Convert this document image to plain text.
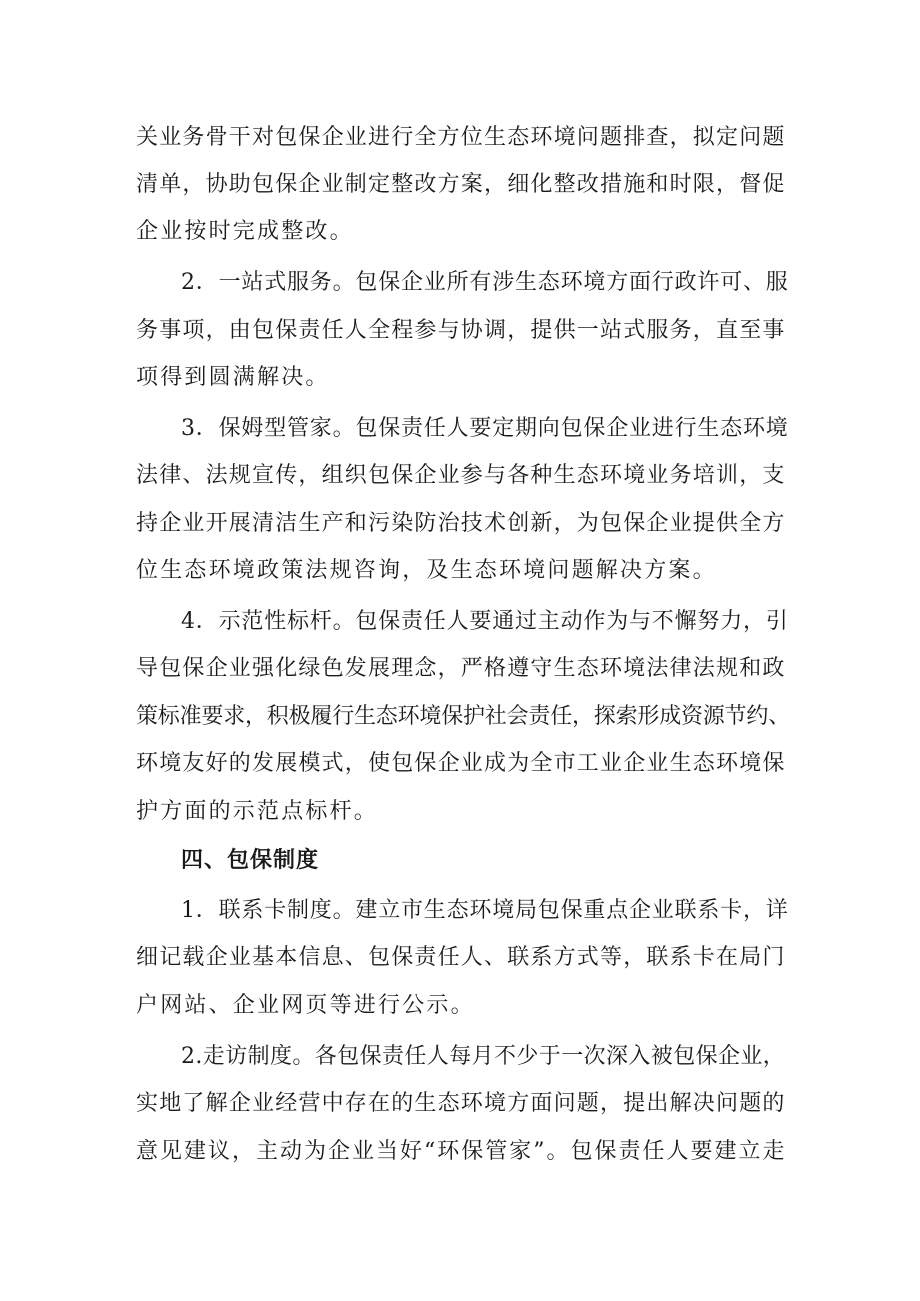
关业务骨干对包保企业进行全方位生态环境问题排查，拟定问题
清单，协助包保企业制定整改方案，细化整改措施和时限，督促
企业按时完成整改。
2．一站式服务。包保企业所有涉生态环境方面行政许可、服
务事项，由包保责任人全程参与协调，提供一站式服务，直至事
项得到圆满解决。
3．保姆型管家。包保责任人要定期向包保企业进行生态环境
法律、法规宣传，组织包保企业参与各种生态环境业务培训，支
持企业开展清洁生产和污染防治技术创新，为包保企业提供全方
位生态环境政策法规咨询，及生态环境问题解决方案。
4．示范性标杆。包保责任人要通过主动作为与不懈努力，引
导包保企业强化绿色发展理念，严格遵守生态环境法律法规和政
策标准要求，积极履行生态环境保护社会责任，探索形成资源节约、
环境友好的发展模式，使包保企业成为全市工业企业生态环境保
护方面的示范点标杆。
四、包保制度
1．联系卡制度。建立市生态环境局包保重点企业联系卡，详
细记载企业基本信息、包保责任人、联系方式等，联系卡在局门
户网站、企业网页等进行公示。
2.走访制度。各包保责任人每月不少于一次深入被包保企业，
实地了解企业经营中存在的生态环境方面问题，提出解决问题的
意见建议，主动为企业当好“环保管家”。包保责任人要建立走
